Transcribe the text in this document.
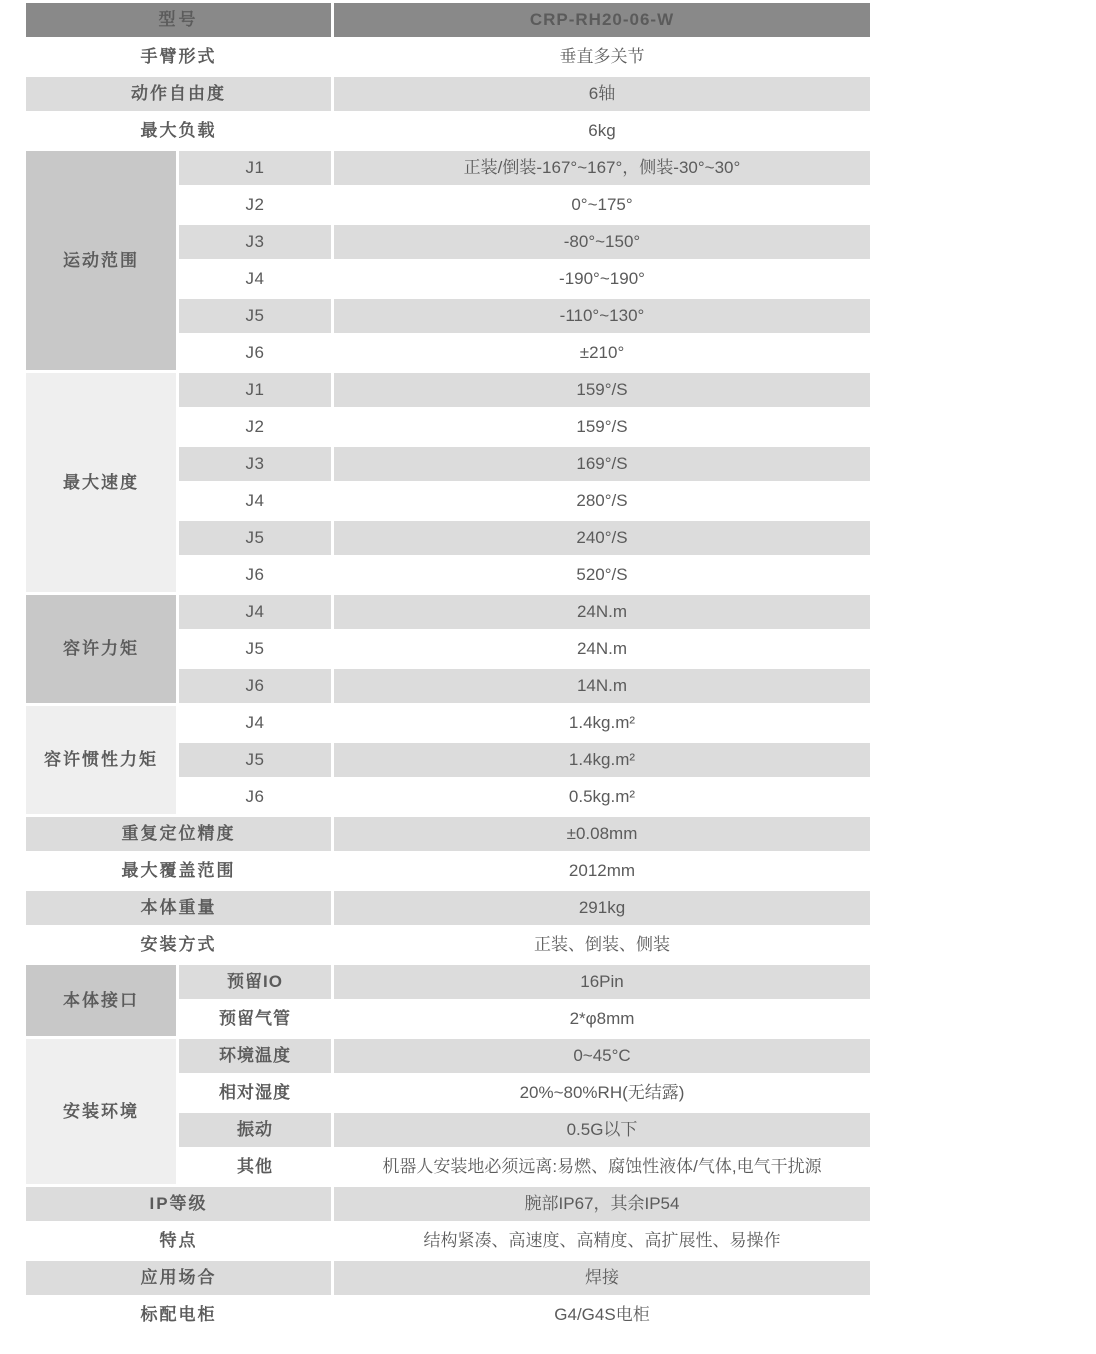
型号		CRP-RH20-06-W
手臂形式		垂直多关节
动作自由度		6轴
最大负载		6kg
运动范围	J1	正装/倒装-167°~167°，侧装-30°~30°
	J2	0°~175°
	J3	-80°~150°
	J4	-190°~190°
	J5	-110°~130°
	J6	±210°
最大速度	J1	159°/S
	J2	159°/S
	J3	169°/S
	J4	280°/S
	J5	240°/S
	J6	520°/S
容许力矩	J4	24N.m
	J5	24N.m
	J6	14N.m
容许惯性力矩	J4	1.4kg.m²
	J5	1.4kg.m²
	J6	0.5kg.m²
重复定位精度		±0.08mm
最大覆盖范围		2012mm
本体重量		291kg
安装方式		正装、倒装、侧装
本体接口	预留IO	16Pin
	预留气管	2*φ8mm
安装环境	环境温度	0~45°C
	相对湿度	20%~80%RH(无结露)
	振动	0.5G以下
	其他	机器人安装地必须远离:易燃、腐蚀性液体/气体,电气干扰源
IP等级		腕部IP67，其余IP54
特点		结构紧凑、高速度、高精度、高扩展性、易操作
应用场合		焊接
标配电柜		G4/G4S电柜
